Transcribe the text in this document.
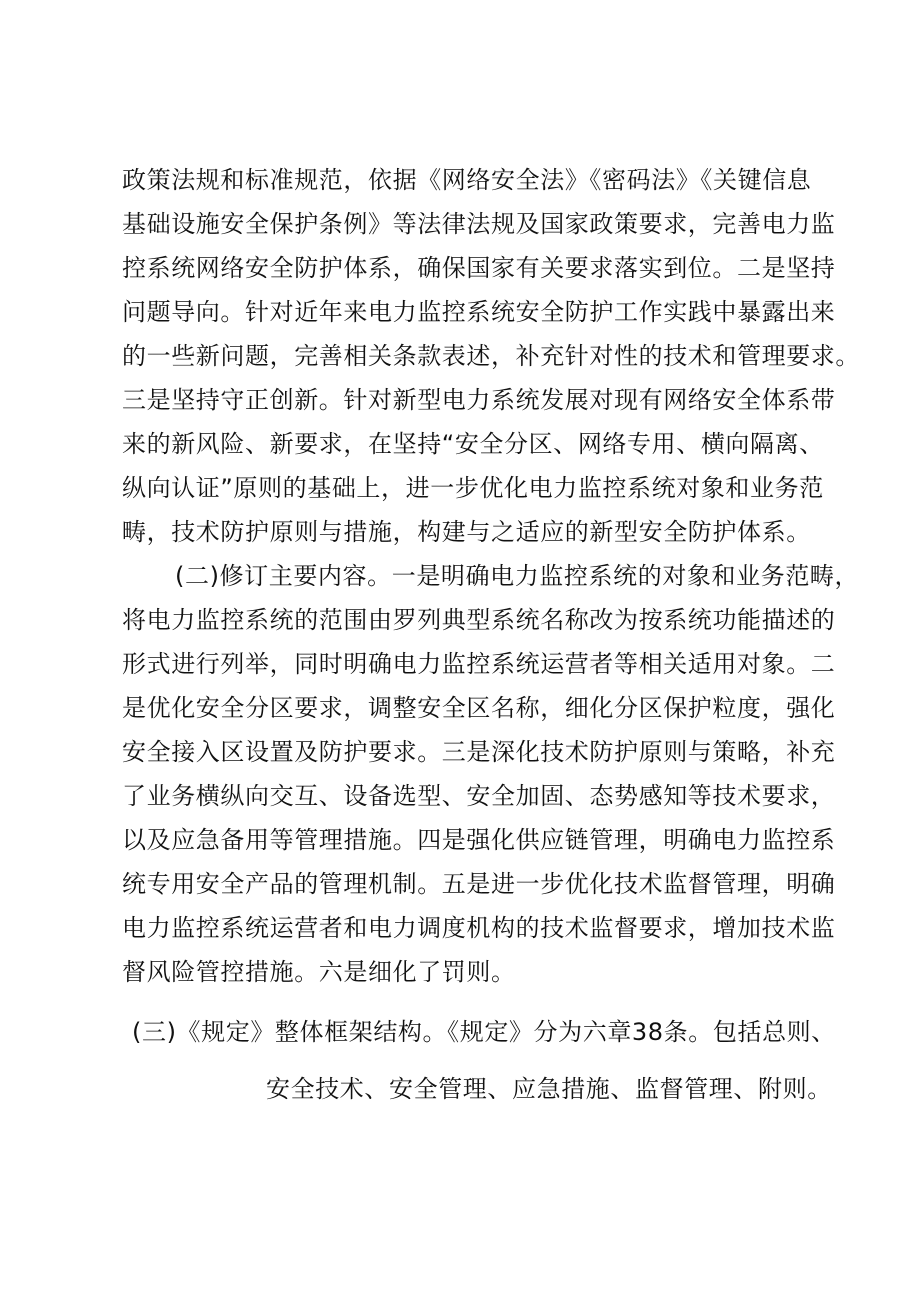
政策法规和标准规范，依据《网络安全法》《密码法》《关键信息
基础设施安全保护条例》等法律法规及国家政策要求，完善电力监
控系统网络安全防护体系，确保国家有关要求落实到位。二是坚持
问题导向。针对近年来电力监控系统安全防护工作实践中暴露出来
的一些新问题，完善相关条款表述，补充针对性的技术和管理要求。
三是坚持守正创新。针对新型电力系统发展对现有网络安全体系带
来的新风险、新要求，在坚持“安全分区、网络专用、横向隔离、
纵向认证”原则的基础上，进一步优化电力监控系统对象和业务范
畴，技术防护原则与措施，构建与之适应的新型安全防护体系。
(二)修订主要内容。一是明确电力监控系统的对象和业务范畴，
将电力监控系统的范围由罗列典型系统名称改为按系统功能描述的
形式进行列举，同时明确电力监控系统运营者等相关适用对象。二
是优化安全分区要求，调整安全区名称，细化分区保护粒度，强化
安全接入区设置及防护要求。三是深化技术防护原则与策略，补充
了业务横纵向交互、设备选型、安全加固、态势感知等技术要求，
以及应急备用等管理措施。四是强化供应链管理，明确电力监控系
统专用安全产品的管理机制。五是进一步优化技术监督管理，明确
电力监控系统运营者和电力调度机构的技术监督要求，增加技术监
督风险管控措施。六是细化了罚则。
(三)《规定》整体框架结构。《规定》分为六章38条。包括总则、
安全技术、安全管理、应急措施、监督管理、附则。
